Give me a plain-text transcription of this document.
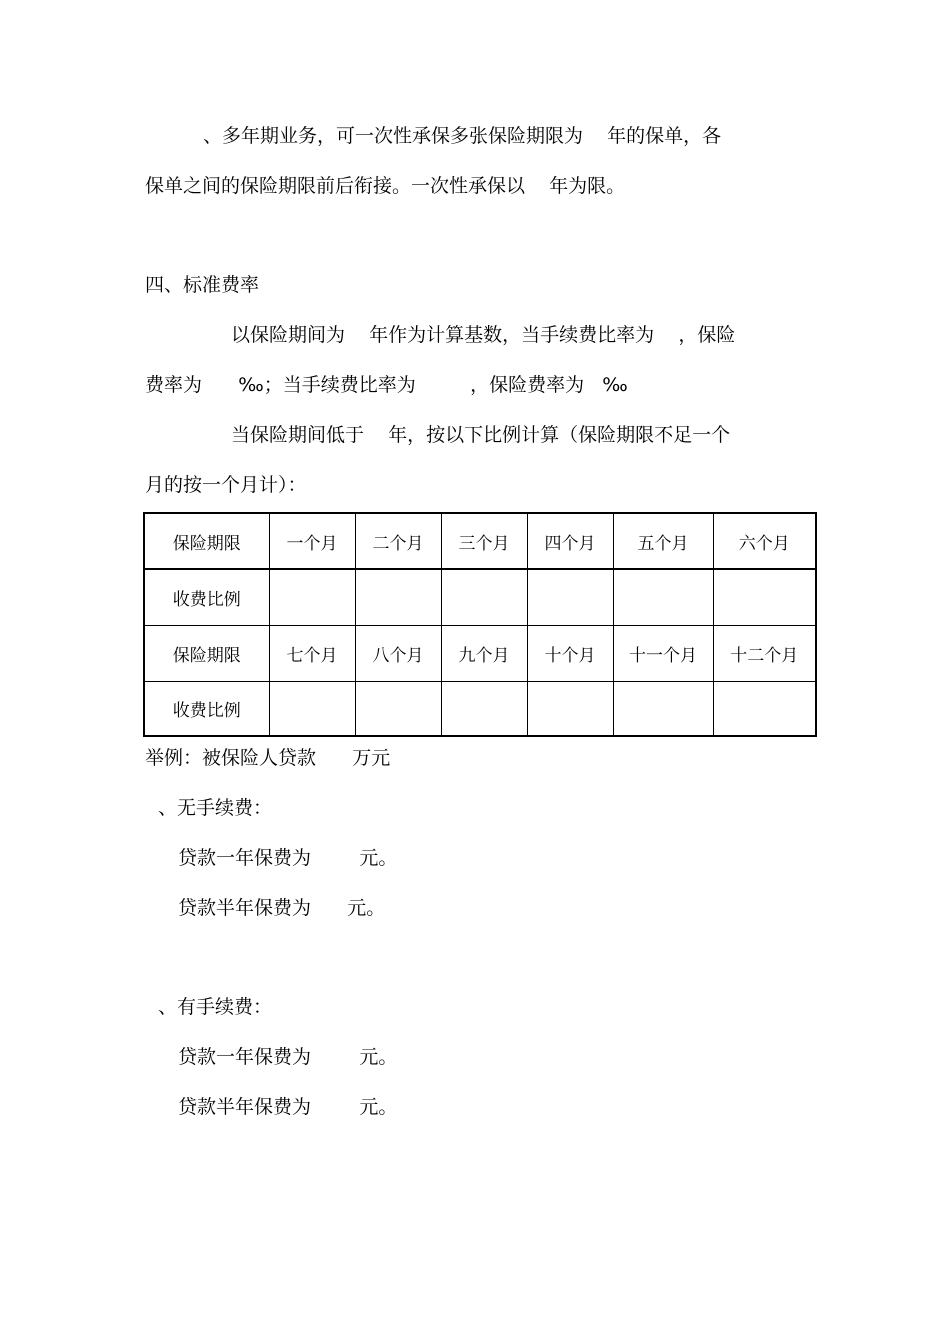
、多年期业务，可一次性承保多张保险期限为    年的保单，各
保单之间的保险期限前后衔接。一次性承保以    年为限。
四、标准费率
以保险期间为    年作为计算基数，当手续费比率为    ，保险
费率为      ‰；当手续费比率为         ，保险费率为   ‰
当保险期间低于    年，按以下比例计算（保险期限不足一个
月的按一个月计）：
保险期限	一个月	二个月	三个月	四个月	五个月	六个月
收费比例						
保险期限	七个月	八个月	九个月	十个月	十一个月	十二个月
收费比例						
举例：被保险人贷款      万元
、无手续费：
贷款一年保费为        元。
贷款半年保费为      元。
、有手续费：
贷款一年保费为        元。
贷款半年保费为        元。
